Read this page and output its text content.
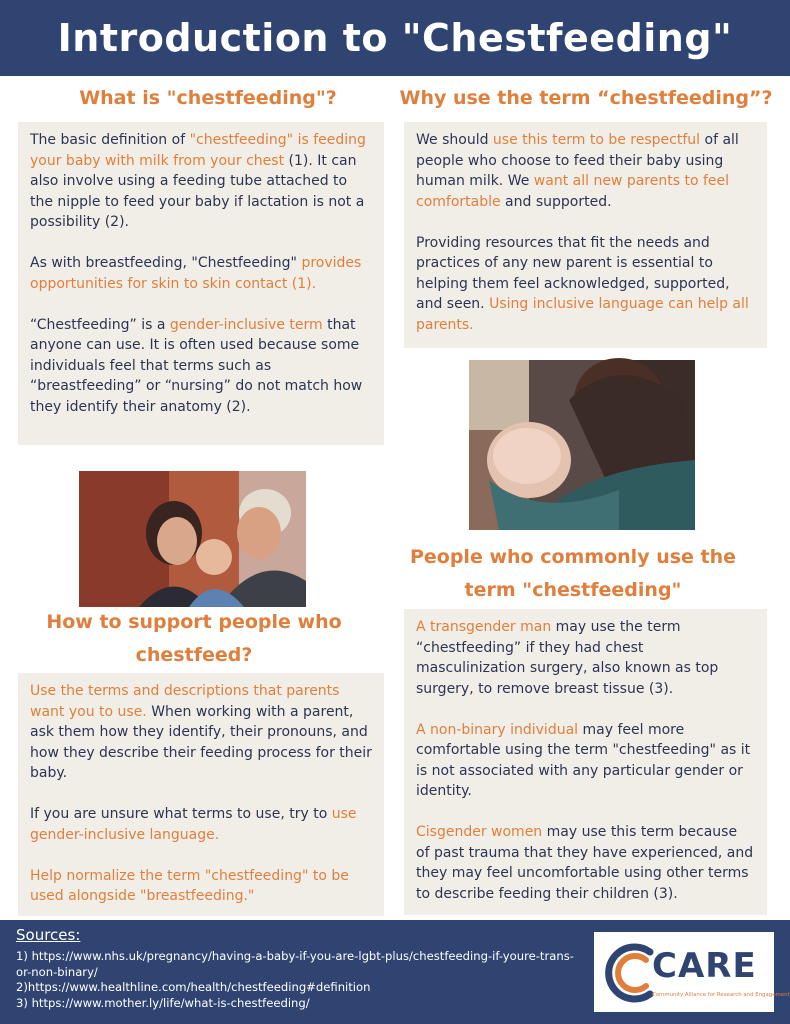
Introduction to "Chestfeeding"
What is "chestfeeding"?

The basic definition of "chestfeeding" is feeding your baby with milk from your chest (1). It can also involve using a feeding tube attached to the nipple to feed your baby if lactation is not a possibility (2).

As with breastfeeding, "Chestfeeding" provides opportunities for skin to skin contact (1).

“Chestfeeding” is a gender-inclusive term that anyone can use. It is often used because some individuals feel that terms such as “breastfeeding” or “nursing” do not match how they identify their anatomy (2).

Why use the term “chestfeeding”?

We should use this term to be respectful of all people who choose to feed their baby using human milk. We want all new parents to feel comfortable and supported.

Providing resources that fit the needs and practices of any new parent is essential to helping them feel acknowledged, supported, and seen. Using inclusive language can help all parents.

How to support people who chestfeed?

Use the terms and descriptions that parents want you to use. When working with a parent, ask them how they identify, their pronouns, and how they describe their feeding process for their baby.

If you are unsure what terms to use, try to use gender-inclusive language.

Help normalize the term "chestfeeding" to be used alongside "breastfeeding."

People who commonly use the term "chestfeeding"

A transgender man may use the term “chestfeeding” if they had chest masculinization surgery, also known as top surgery, to remove breast tissue (3).

A non-binary individual may feel more comfortable using the term "chestfeeding" as it is not associated with any particular gender or identity.

Cisgender women may use this term because of past trauma that they have experienced, and they may feel uncomfortable using other terms to describe feeding their children (3).

Sources:
1) https://www.nhs.uk/pregnancy/having-a-baby-if-you-are-lgbt-plus/chestfeeding-if-youre-trans-or-non-binary/
2)https://www.healthline.com/health/chestfeeding#definition
3) https://www.mother.ly/life/what-is-chestfeeding/
CARE
Community Alliance for Research and Engagement
